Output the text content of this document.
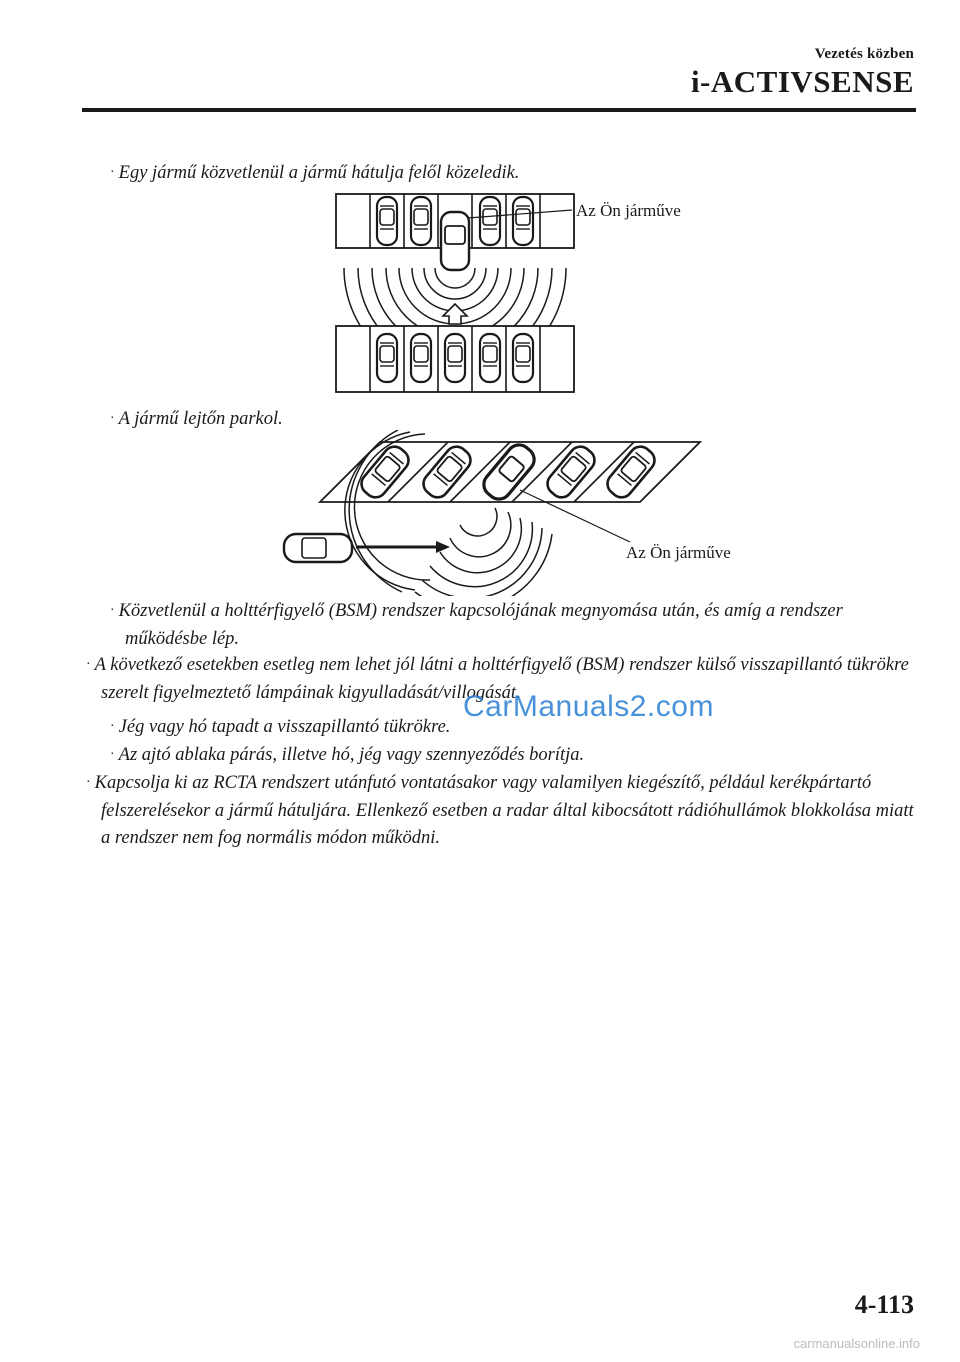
Vezetés közben
i-ACTIVSENSE

· Egy jármű közvetlenül a jármű hátulja felől közeledik.

Az Ön járműve

· A jármű lejtőn parkol.

Az Ön járműve

· Közvetlenül a holttérfigyelő (BSM) rendszer kapcsolójának megnyomása után, és amíg a rendszer működésbe lép.

· A következő esetekben esetleg nem lehet jól látni a holttérfigyelő (BSM) rendszer külső visszapillantó tükrökre szerelt figyelmeztető lámpáinak kigyulladását/villogását.

· Jég vagy hó tapadt a visszapillantó tükrökre.

· Az ajtó ablaka párás, illetve hó, jég vagy szennyeződés borítja.

· Kapcsolja ki az RCTA rendszert utánfutó vontatásakor vagy valamilyen kiegészítő, például kerékpártartó felszerelésekor a jármű hátuljára. Ellenkező esetben a radar által kibocsátott rádióhullámok blokkolása miatt a rendszer nem fog normális módon működni.

CarManuals2.com
4-113
carmanualsonline.info
